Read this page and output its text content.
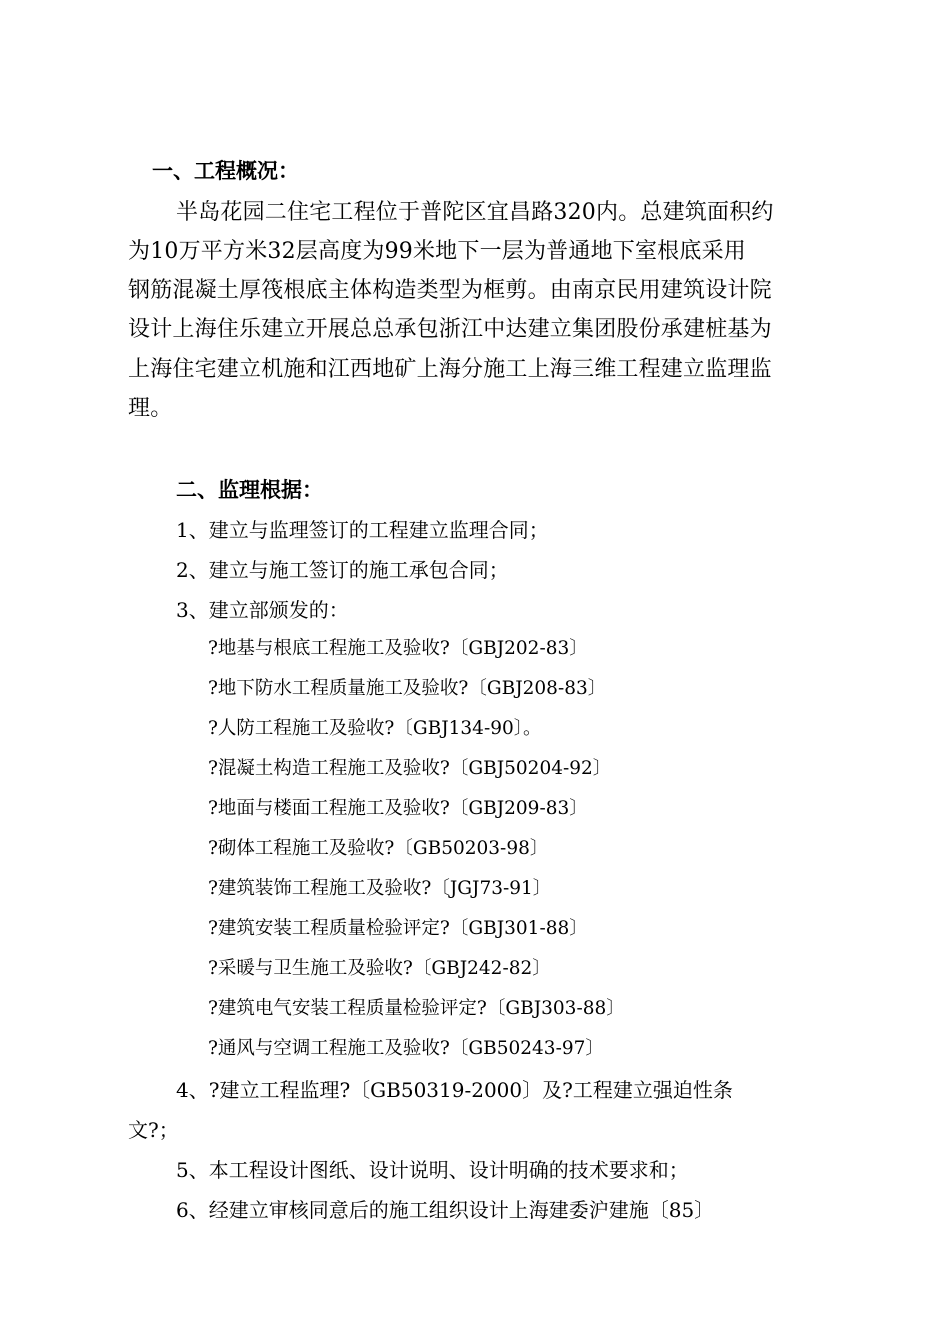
一、工程概况：
半岛花园二住宅工程位于普陀区宜昌路320内。总建筑面积约
为10万平方米32层高度为99米地下一层为普通地下室根底采用
钢筋混凝土厚筏根底主体构造类型为框剪。由南京民用建筑设计院
设计上海住乐建立开展总总承包浙江中达建立集团股份承建桩基为
上海住宅建立机施和江西地矿上海分施工上海三维工程建立监理监
理。
二、监理根据：
1、建立与监理签订的工程建立监理合同；
2、建立与施工签订的施工承包合同；
3、建立部颁发的：
?地基与根底工程施工及验收?〔GBJ202-83〕
?地下防水工程质量施工及验收?〔GBJ208-83〕
?人防工程施工及验收?〔GBJ134-90〕。
?混凝土构造工程施工及验收?〔GBJ50204-92〕
?地面与楼面工程施工及验收?〔GBJ209-83〕
?砌体工程施工及验收?〔GB50203-98〕
?建筑装饰工程施工及验收?〔JGJ73-91〕
?建筑安装工程质量检验评定?〔GBJ301-88〕
?采暖与卫生施工及验收?〔GBJ242-82〕
?建筑电气安装工程质量检验评定?〔GBJ303-88〕
?通风与空调工程施工及验收?〔GB50243-97〕
4、?建立工程监理?〔GB50319-2000〕及?工程建立强迫性条
文?；
5、本工程设计图纸、设计说明、设计明确的技术要求和；
6、经建立审核同意后的施工组织设计上海建委沪建施〔85〕
